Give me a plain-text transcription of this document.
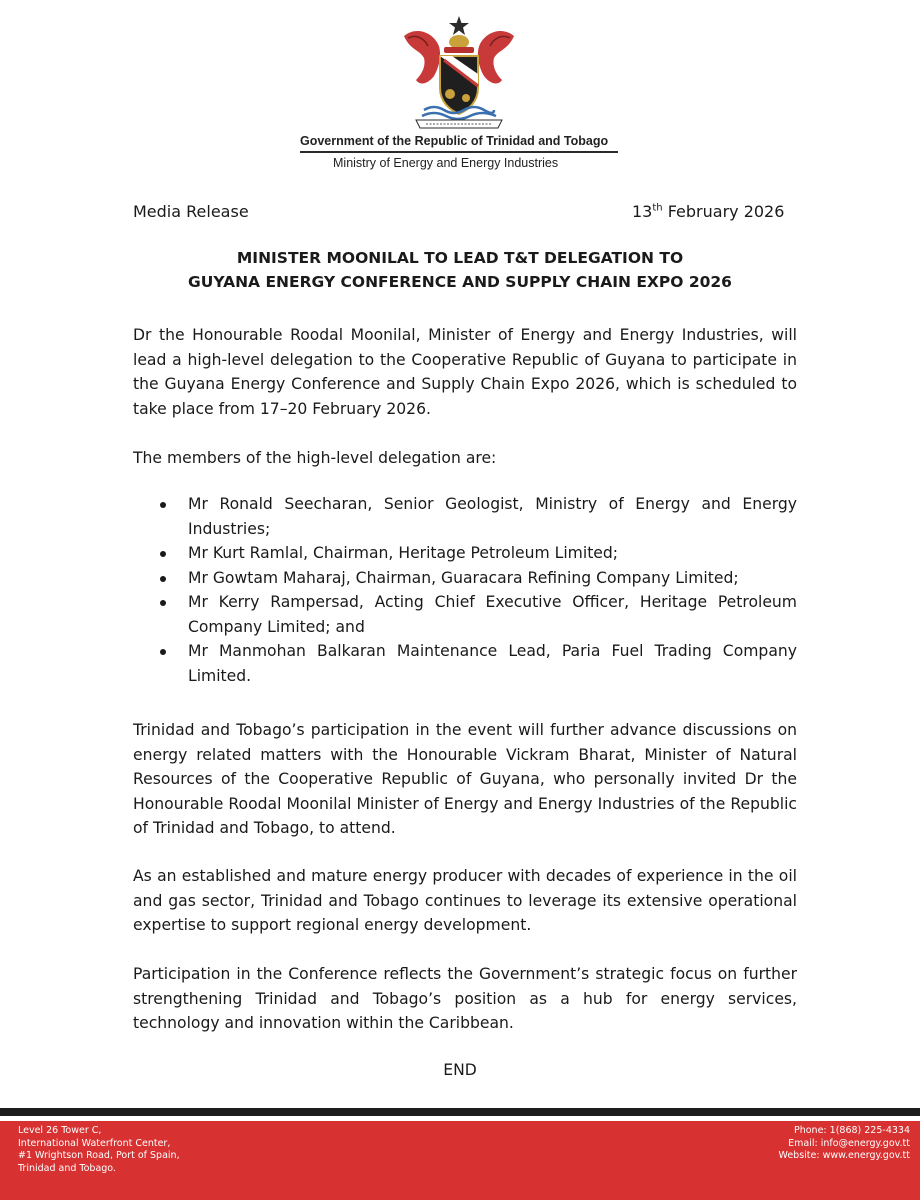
Government of the Republic of Trinidad and Tobago
Ministry of Energy and Energy Industries
Media Release	13th February 2026
MINISTER MOONILAL TO LEAD T&T DELEGATION TO
GUYANA ENERGY CONFERENCE AND SUPPLY CHAIN EXPO 2026

Dr the Honourable Roodal Moonilal, Minister of Energy and Energy Industries, will lead a high-level delegation to the Cooperative Republic of Guyana to participate in the Guyana Energy Conference and Supply Chain Expo 2026, which is scheduled to take place from 17–20 February 2026.

The members of the high-level delegation are:

Mr Ronald Seecharan, Senior Geologist, Ministry of Energy and Energy Industries;
Mr Kurt Ramlal, Chairman, Heritage Petroleum Limited;
Mr Gowtam Maharaj, Chairman, Guaracara Refining Company Limited;
Mr Kerry Rampersad, Acting Chief Executive Officer, Heritage Petroleum Company Limited; and
Mr Manmohan Balkaran Maintenance Lead, Paria Fuel Trading Company Limited.

Trinidad and Tobago’s participation in the event will further advance discussions on energy related matters with the Honourable Vickram Bharat, Minister of Natural Resources of the Cooperative Republic of Guyana, who personally invited Dr the Honourable Roodal Moonilal Minister of Energy and Energy Industries of the Republic of Trinidad and Tobago, to attend.

As an established and mature energy producer with decades of experience in the oil and gas sector, Trinidad and Tobago continues to leverage its extensive operational expertise to support regional energy development.

Participation in the Conference reflects the Government’s strategic focus on further strengthening Trinidad and Tobago’s position as a hub for energy services, technology and innovation within the Caribbean.

END
Level 26 Tower C,
International Waterfront Center,
#1 Wrightson Road, Port of Spain,
Trinidad and Tobago.
Phone: 1(868) 225-4334
Email: info@energy.gov.tt
Website: www.energy.gov.tt
